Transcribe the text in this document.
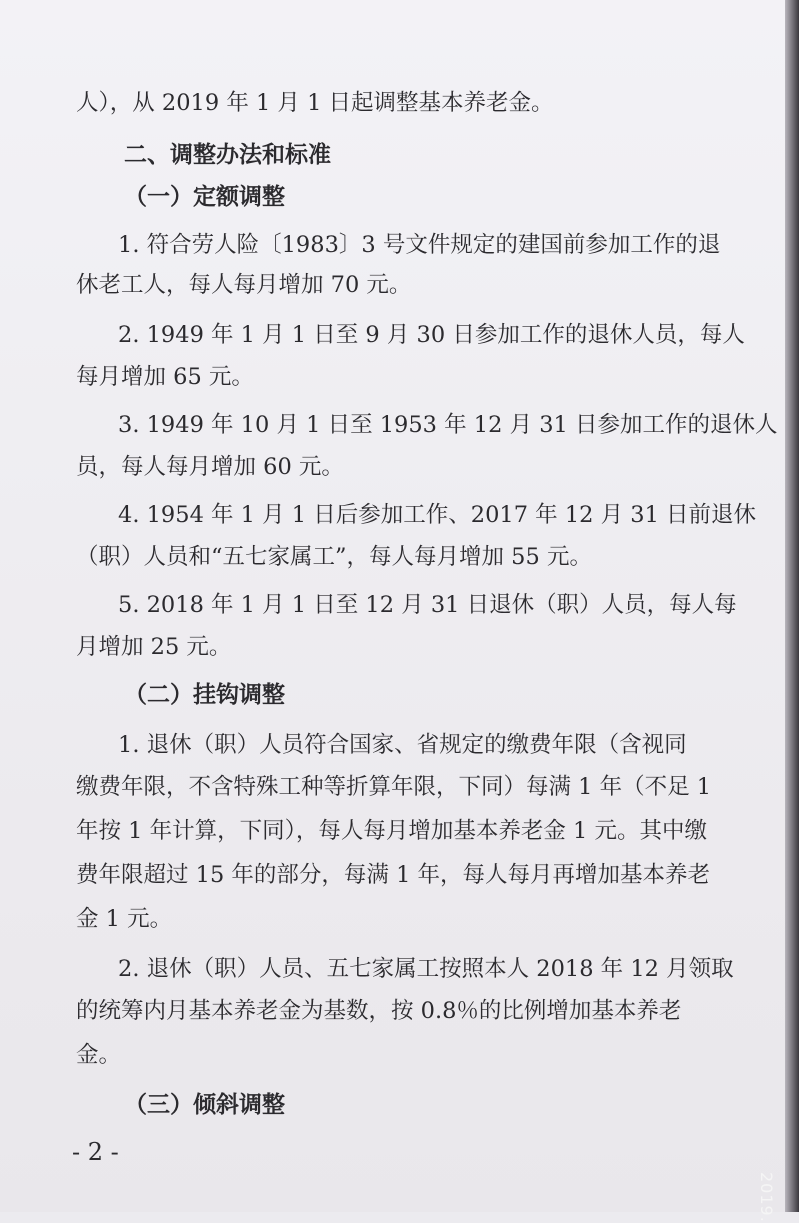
人），从 2019 年 1 月 1 日起调整基本养老金。
二、调整办法和标准
（一）定额调整
1. 符合劳人险〔1983〕3 号文件规定的建国前参加工作的退
休老工人，每人每月增加 70 元。
2. 1949 年 1 月 1 日至 9 月 30 日参加工作的退休人员，每人
每月增加 65 元。
3. 1949 年 10 月 1 日至 1953 年 12 月 31 日参加工作的退休人
员，每人每月增加 60 元。
4. 1954 年 1 月 1 日后参加工作、2017 年 12 月 31 日前退休
（职）人员和“五七家属工”，每人每月增加 55 元。
5. 2018 年 1 月 1 日至 12 月 31 日退休（职）人员，每人每
月增加 25 元。
（二）挂钩调整
1. 退休（职）人员符合国家、省规定的缴费年限（含视同
缴费年限，不含特殊工种等折算年限，下同）每满 1 年（不足 1
年按 1 年计算，下同），每人每月增加基本养老金 1 元。其中缴
费年限超过 15 年的部分，每满 1 年，每人每月再增加基本养老
金 1 元。
2. 退休（职）人员、五七家属工按照本人 2018 年 12 月领取
的统筹内月基本养老金为基数，按 0.8％的比例增加基本养老
金。
（三）倾斜调整
- 2 -
2019.
